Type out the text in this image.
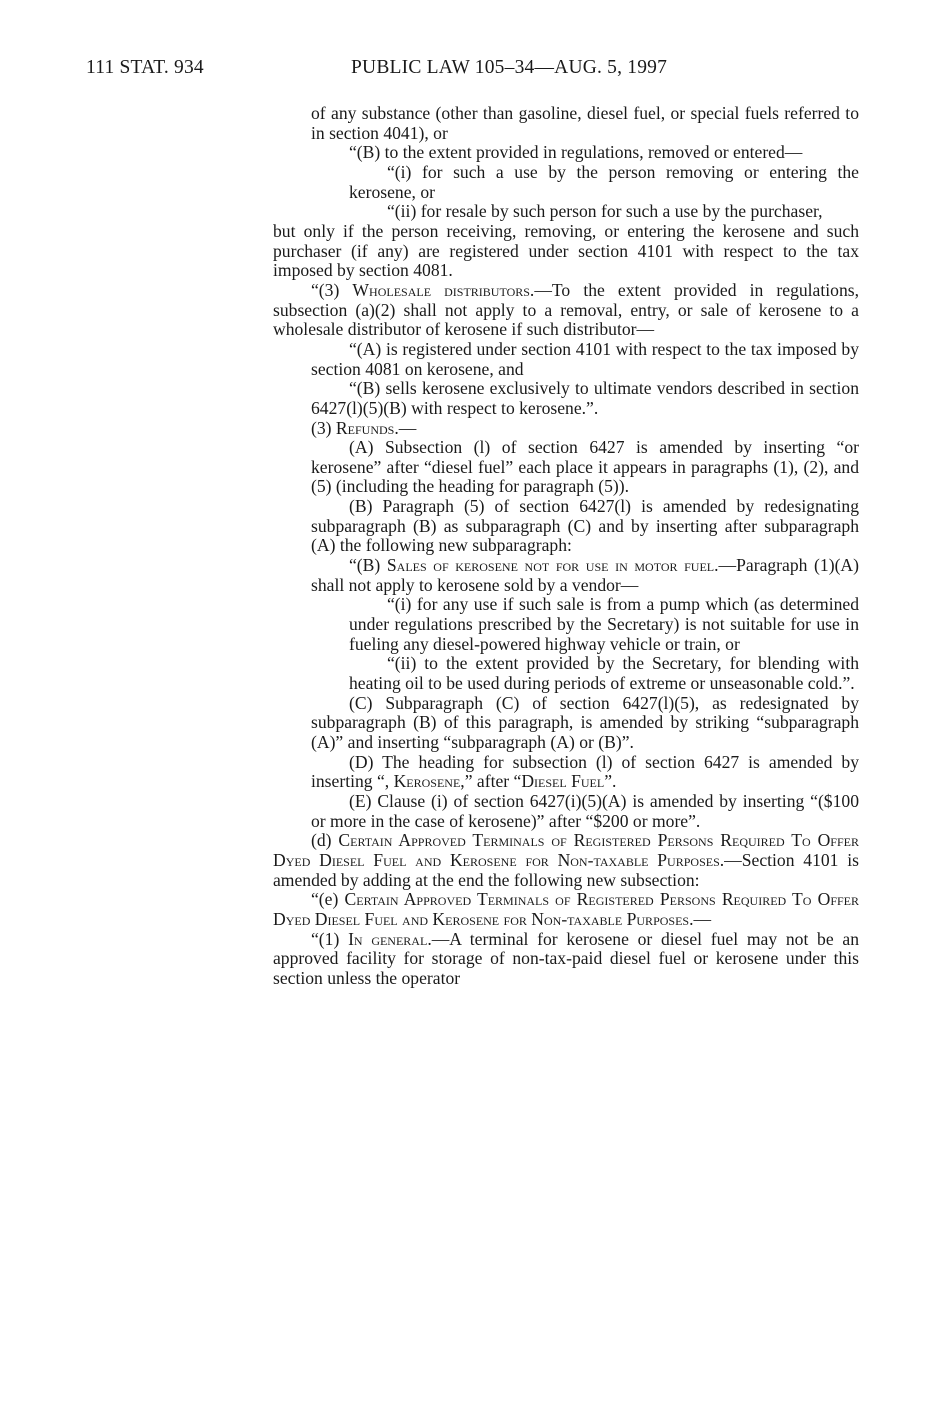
111 STAT. 934	PUBLIC LAW 105–34—AUG. 5, 1997

of any substance (other than gasoline, diesel fuel, or special fuels referred to in section 4041), or

“(B) to the extent provided in regulations, removed or entered—

“(i) for such a use by the person removing or entering the kerosene, or

“(ii) for resale by such person for such a use by the purchaser,

but only if the person receiving, removing, or entering the kerosene and such purchaser (if any) are registered under section 4101 with respect to the tax imposed by section 4081.

“(3) Wholesale distributors.—To the extent provided in regulations, subsection (a)(2) shall not apply to a removal, entry, or sale of kerosene to a wholesale distributor of kerosene if such distributor—

“(A) is registered under section 4101 with respect to the tax imposed by section 4081 on kerosene, and

“(B) sells kerosene exclusively to ultimate vendors described in section 6427(l)(5)(B) with respect to kerosene.”.

(3) Refunds.—

(A) Subsection (l) of section 6427 is amended by inserting “or kerosene” after “diesel fuel” each place it appears in paragraphs (1), (2), and (5) (including the heading for paragraph (5)).

(B) Paragraph (5) of section 6427(l) is amended by redesignating subparagraph (B) as subparagraph (C) and by inserting after subparagraph (A) the following new subparagraph:

“(B) Sales of kerosene not for use in motor fuel.—Paragraph (1)(A) shall not apply to kerosene sold by a vendor—

“(i) for any use if such sale is from a pump which (as determined under regulations prescribed by the Secretary) is not suitable for use in fueling any diesel-powered highway vehicle or train, or

“(ii) to the extent provided by the Secretary, for blending with heating oil to be used during periods of extreme or unseasonable cold.”.

(C) Subparagraph (C) of section 6427(l)(5), as redesignated by subparagraph (B) of this paragraph, is amended by striking “subparagraph (A)” and inserting “subparagraph (A) or (B)”.

(D) The heading for subsection (l) of section 6427 is amended by inserting “, Kerosene,” after “Diesel Fuel”.

(E) Clause (i) of section 6427(i)(5)(A) is amended by inserting “($100 or more in the case of kerosene)” after “$200 or more”.

(d) Certain Approved Terminals of Registered Persons Required To Offer Dyed Diesel Fuel and Kerosene for Non-taxable Purposes.—Section 4101 is amended by adding at the end the following new subsection:

“(e) Certain Approved Terminals of Registered Persons Required To Offer Dyed Diesel Fuel and Kerosene for Non-taxable Purposes.—

“(1) In general.—A terminal for kerosene or diesel fuel may not be an approved facility for storage of non-tax-paid diesel fuel or kerosene under this section unless the operator
